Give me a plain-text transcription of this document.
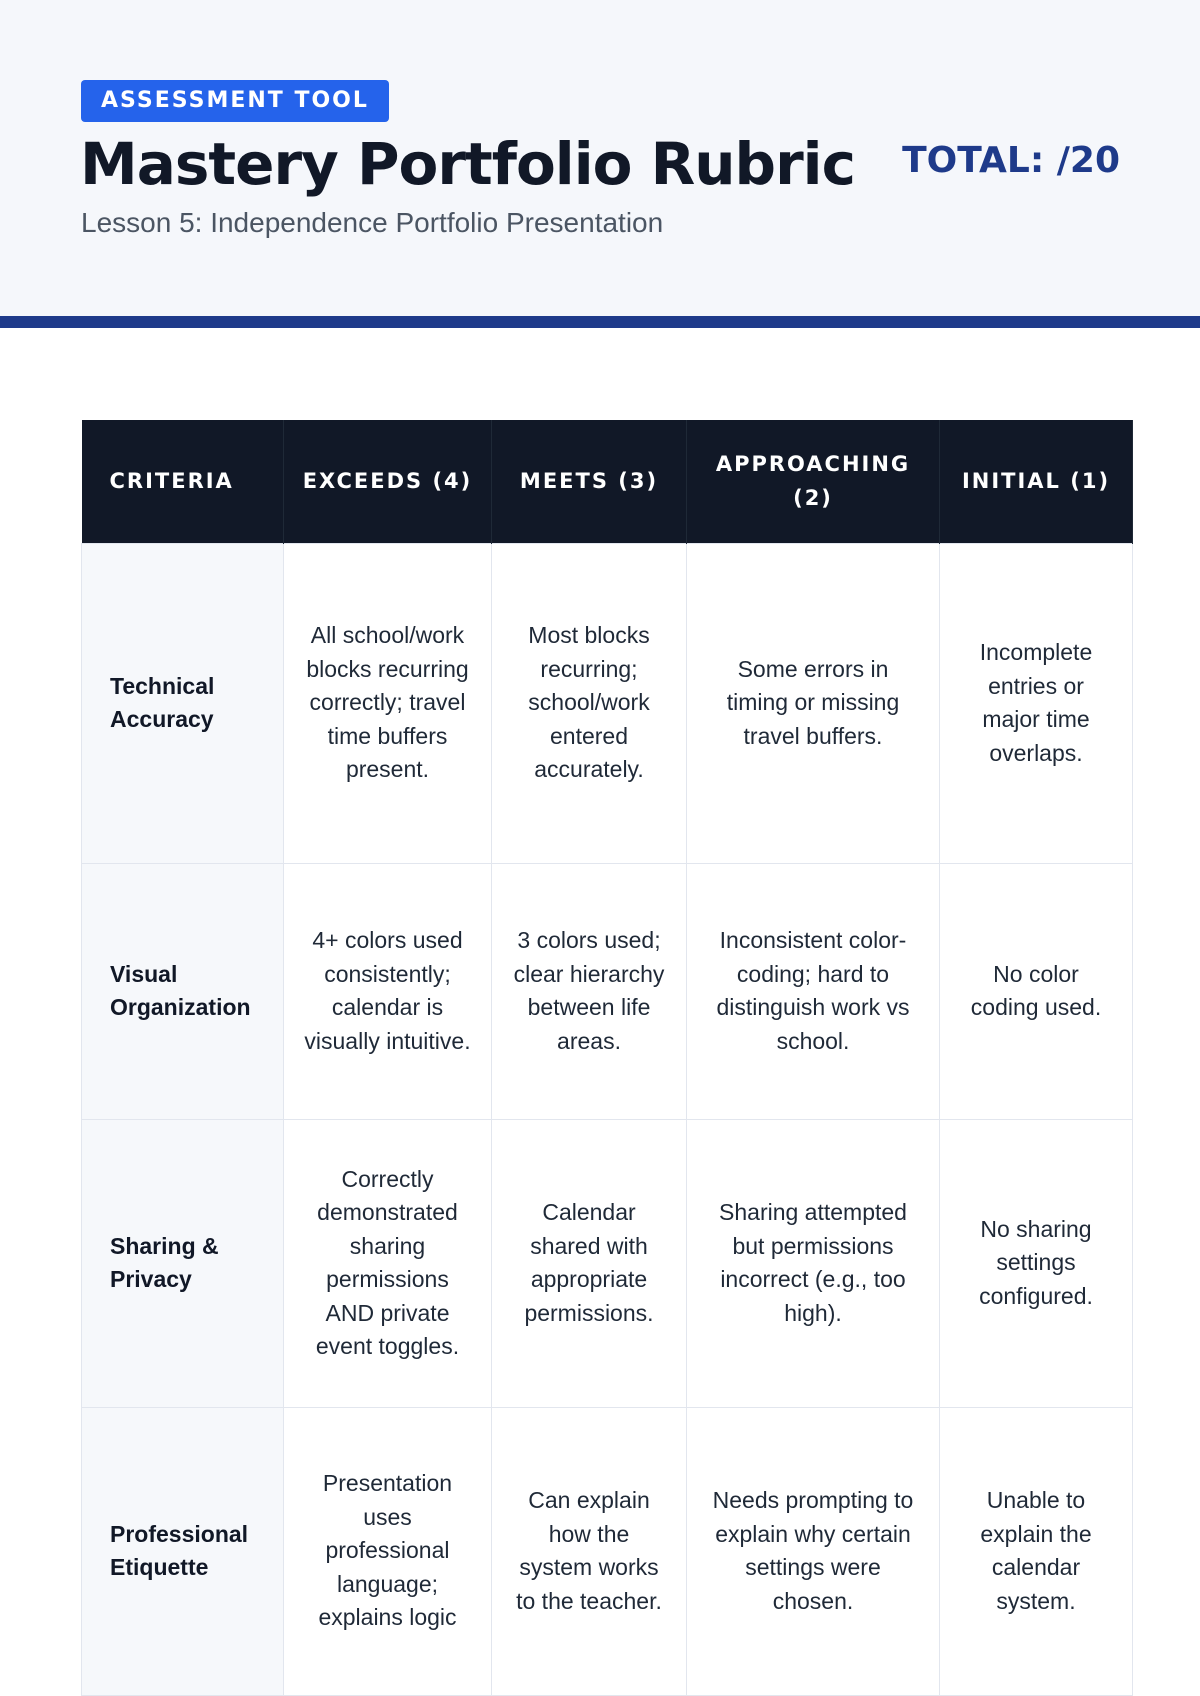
ASSESSMENT TOOL
Mastery Portfolio Rubric TOTAL: /20
Lesson 5: Independence Portfolio Presentation
CRITERIA	EXCEEDS (4)	MEETS (3)	APPROACHING (2)	INITIAL (1)
Technical Accuracy	All school/work blocks recurring correctly; travel time buffers present.	Most blocks recurring; school/work entered accurately.	Some errors in timing or missing travel buffers.	Incomplete entries or major time overlaps.
Visual Organization	4+ colors used consistently; calendar is visually intuitive.	3 colors used; clear hierarchy between life areas.	Inconsistent color-coding; hard to distinguish work vs school.	No color coding used.
Sharing & Privacy	Correctly demonstrated sharing permissions AND private event toggles.	Calendar shared with appropriate permissions.	Sharing attempted but permissions incorrect (e.g., too high).	No sharing settings configured.
Professional Etiquette	Presentation uses professional language; explains logic	Can explain how the system works to the teacher.	Needs prompting to explain why certain settings were chosen.	Unable to explain the calendar system.
